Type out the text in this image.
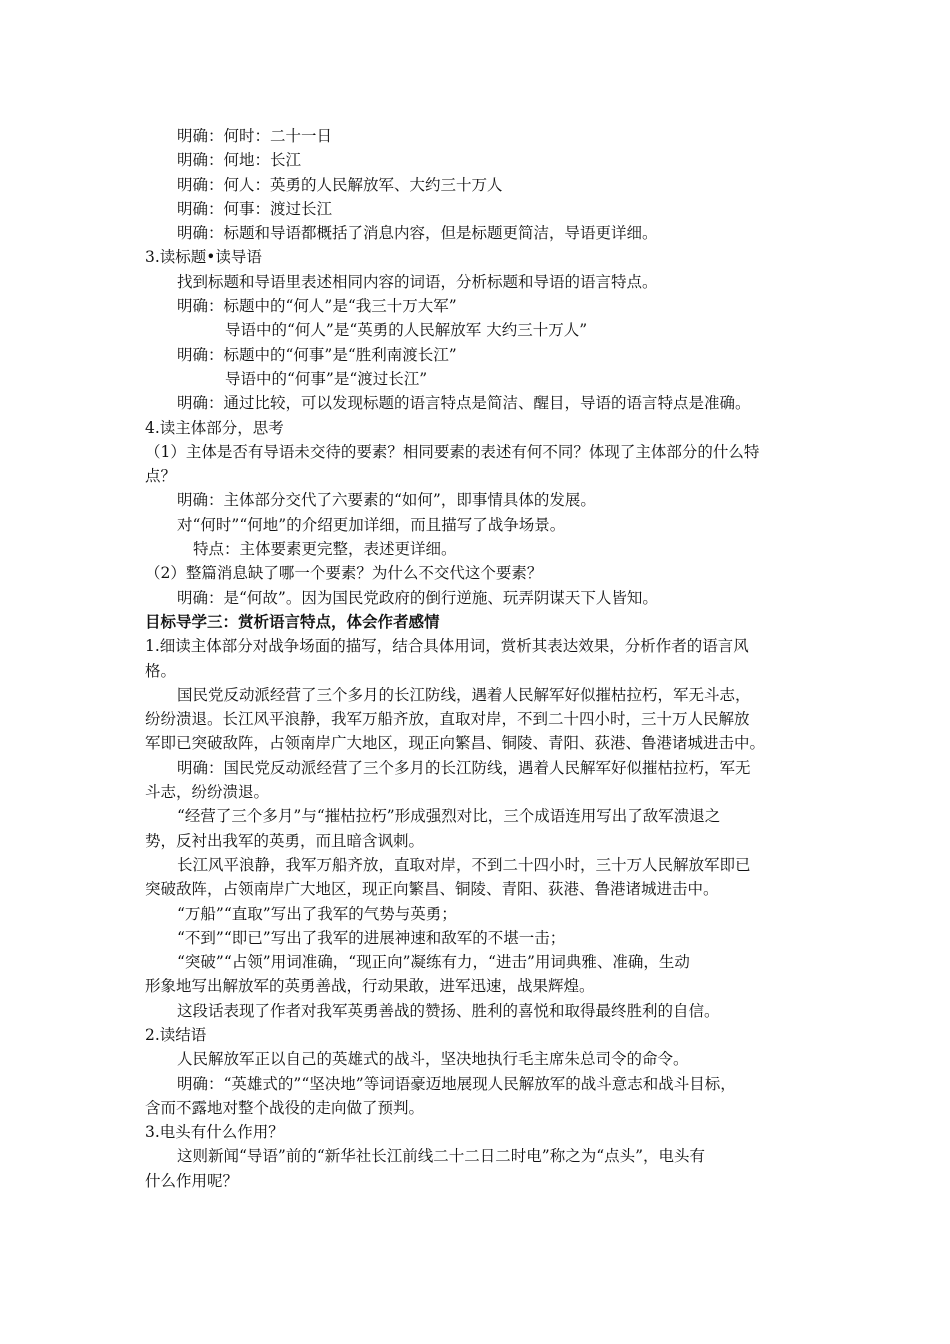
明确：何时：二十一日
明确：何地：长江
明确：何人：英勇的人民解放军、大约三十万人
明确：何事：渡过长江
明确：标题和导语都概括了消息内容，但是标题更简洁，导语更详细。
3.读标题•读导语
找到标题和导语里表述相同内容的词语，分析标题和导语的语言特点。
明确：标题中的“何人”是“我三十万大军”
导语中的“何人”是“英勇的人民解放军 大约三十万人”
明确：标题中的“何事”是“胜利南渡长江”
导语中的“何事”是“渡过长江”
明确：通过比较，可以发现标题的语言特点是简洁、醒目，导语的语言特点是准确。
4.读主体部分，思考
（1）主体是否有导语未交待的要素？相同要素的表述有何不同？体现了主体部分的什么特
点？
明确：主体部分交代了六要素的“如何”，即事情具体的发展。
对“何时”“何地”的介绍更加详细，而且描写了战争场景。
特点：主体要素更完整，表述更详细。
（2）整篇消息缺了哪一个要素？为什么不交代这个要素？
明确：是“何故”。因为国民党政府的倒行逆施、玩弄阴谋天下人皆知。
目标导学三：赏析语言特点，体会作者感情
1.细读主体部分对战争场面的描写，结合具体用词，赏析其表达效果，分析作者的语言风
格。
国民党反动派经营了三个多月的长江防线，遇着人民解军好似摧枯拉朽，军无斗志，
纷纷溃退。长江风平浪静，我军万船齐放，直取对岸，不到二十四小时，三十万人民解放
军即已突破敌阵，占领南岸广大地区，现正向繁昌、铜陵、青阳、荻港、鲁港诸城进击中。
明确：国民党反动派经营了三个多月的长江防线，遇着人民解军好似摧枯拉朽，军无
斗志，纷纷溃退。
“经营了三个多月”与“摧枯拉朽”形成强烈对比，三个成语连用写出了敌军溃退之
势，反衬出我军的英勇，而且暗含讽刺。
长江风平浪静，我军万船齐放，直取对岸，不到二十四小时，三十万人民解放军即已
突破敌阵，占领南岸广大地区，现正向繁昌、铜陵、青阳、荻港、鲁港诸城进击中。
“万船”“直取”写出了我军的气势与英勇；
“不到”“即已”写出了我军的进展神速和敌军的不堪一击；
“突破”“占领”用词准确，“现正向”凝练有力，“进击”用词典雅、准确，生动
形象地写出解放军的英勇善战，行动果敢，进军迅速，战果辉煌。
这段话表现了作者对我军英勇善战的赞扬、胜利的喜悦和取得最终胜利的自信。
2.读结语
人民解放军正以自己的英雄式的战斗，坚决地执行毛主席朱总司令的命令。
明确：“英雄式的”“坚决地”等词语豪迈地展现人民解放军的战斗意志和战斗目标，
含而不露地对整个战役的走向做了预判。
3.电头有什么作用？
这则新闻“导语”前的“新华社长江前线二十二日二时电”称之为“点头”，电头有
什么作用呢？
